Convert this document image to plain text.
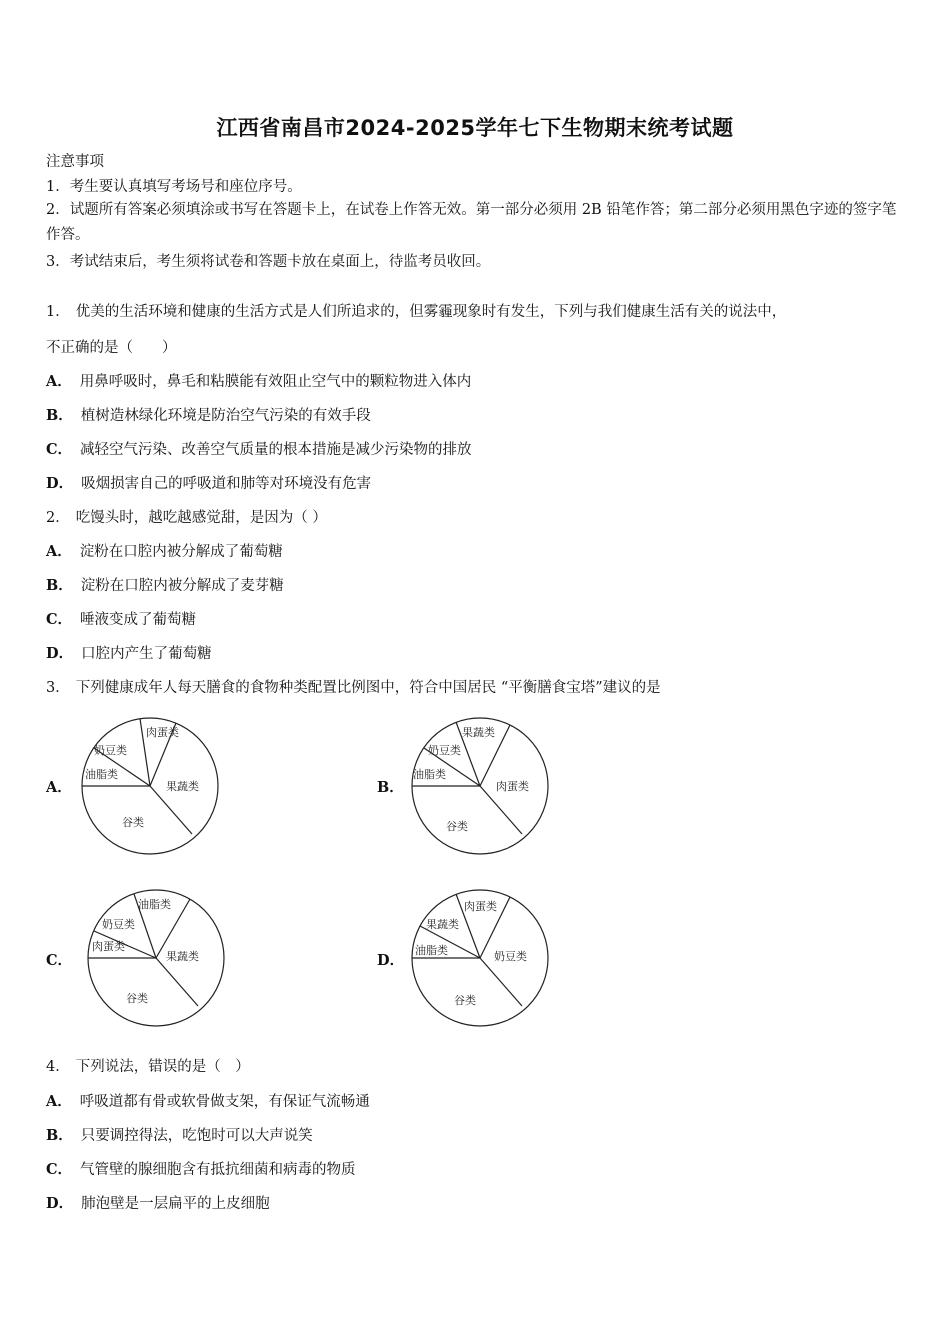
江西省南昌市2024-2025学年七下生物期末统考试题
注意事项
1．考生要认真填写考场号和座位序号。
2．试题所有答案必须填涂或书写在答题卡上，在试卷上作答无效。第一部分必须用 2B 铅笔作答；第二部分必须用黑色字迹的签字笔作答。
3．考试结束后，考生须将试卷和答题卡放在桌面上，待监考员收回。
1． 优美的生活环境和健康的生活方式是人们所追求的，但雾霾现象时有发生，下列与我们健康生活有关的说法中，
不正确的是（　　）
A． 用鼻呼吸时，鼻毛和粘膜能有效阻止空气中的颗粒物进入体内
B． 植树造林绿化环境是防治空气污染的有效手段
C． 减轻空气污染、改善空气质量的根本措施是减少污染物的排放
D． 吸烟损害自己的呼吸道和肺等对环境没有危害
2． 吃馒头时，越吃越感觉甜，是因为（ ）
A． 淀粉在口腔内被分解成了葡萄糖
B． 淀粉在口腔内被分解成了麦芽糖
C． 唾液变成了葡萄糖
D． 口腔内产生了葡萄糖
3． 下列健康成年人每天膳食的食物种类配置比例图中，符合中国居民 “平衡膳食宝塔”建议的是
A．
肉蛋类
果蔬类
谷类
油脂类
奶豆类
B．
果蔬类
肉蛋类
谷类
油脂类
奶豆类
C．
油脂类
果蔬类
谷类
肉蛋类
奶豆类
D．
肉蛋类
奶豆类
谷类
油脂类
果蔬类
4． 下列说法，错误的是（　）
A． 呼吸道都有骨或软骨做支架，有保证气流畅通
B． 只要调控得法，吃饱时可以大声说笑
C． 气管壁的腺细胞含有抵抗细菌和病毒的物质
D． 肺泡壁是一层扁平的上皮细胞
